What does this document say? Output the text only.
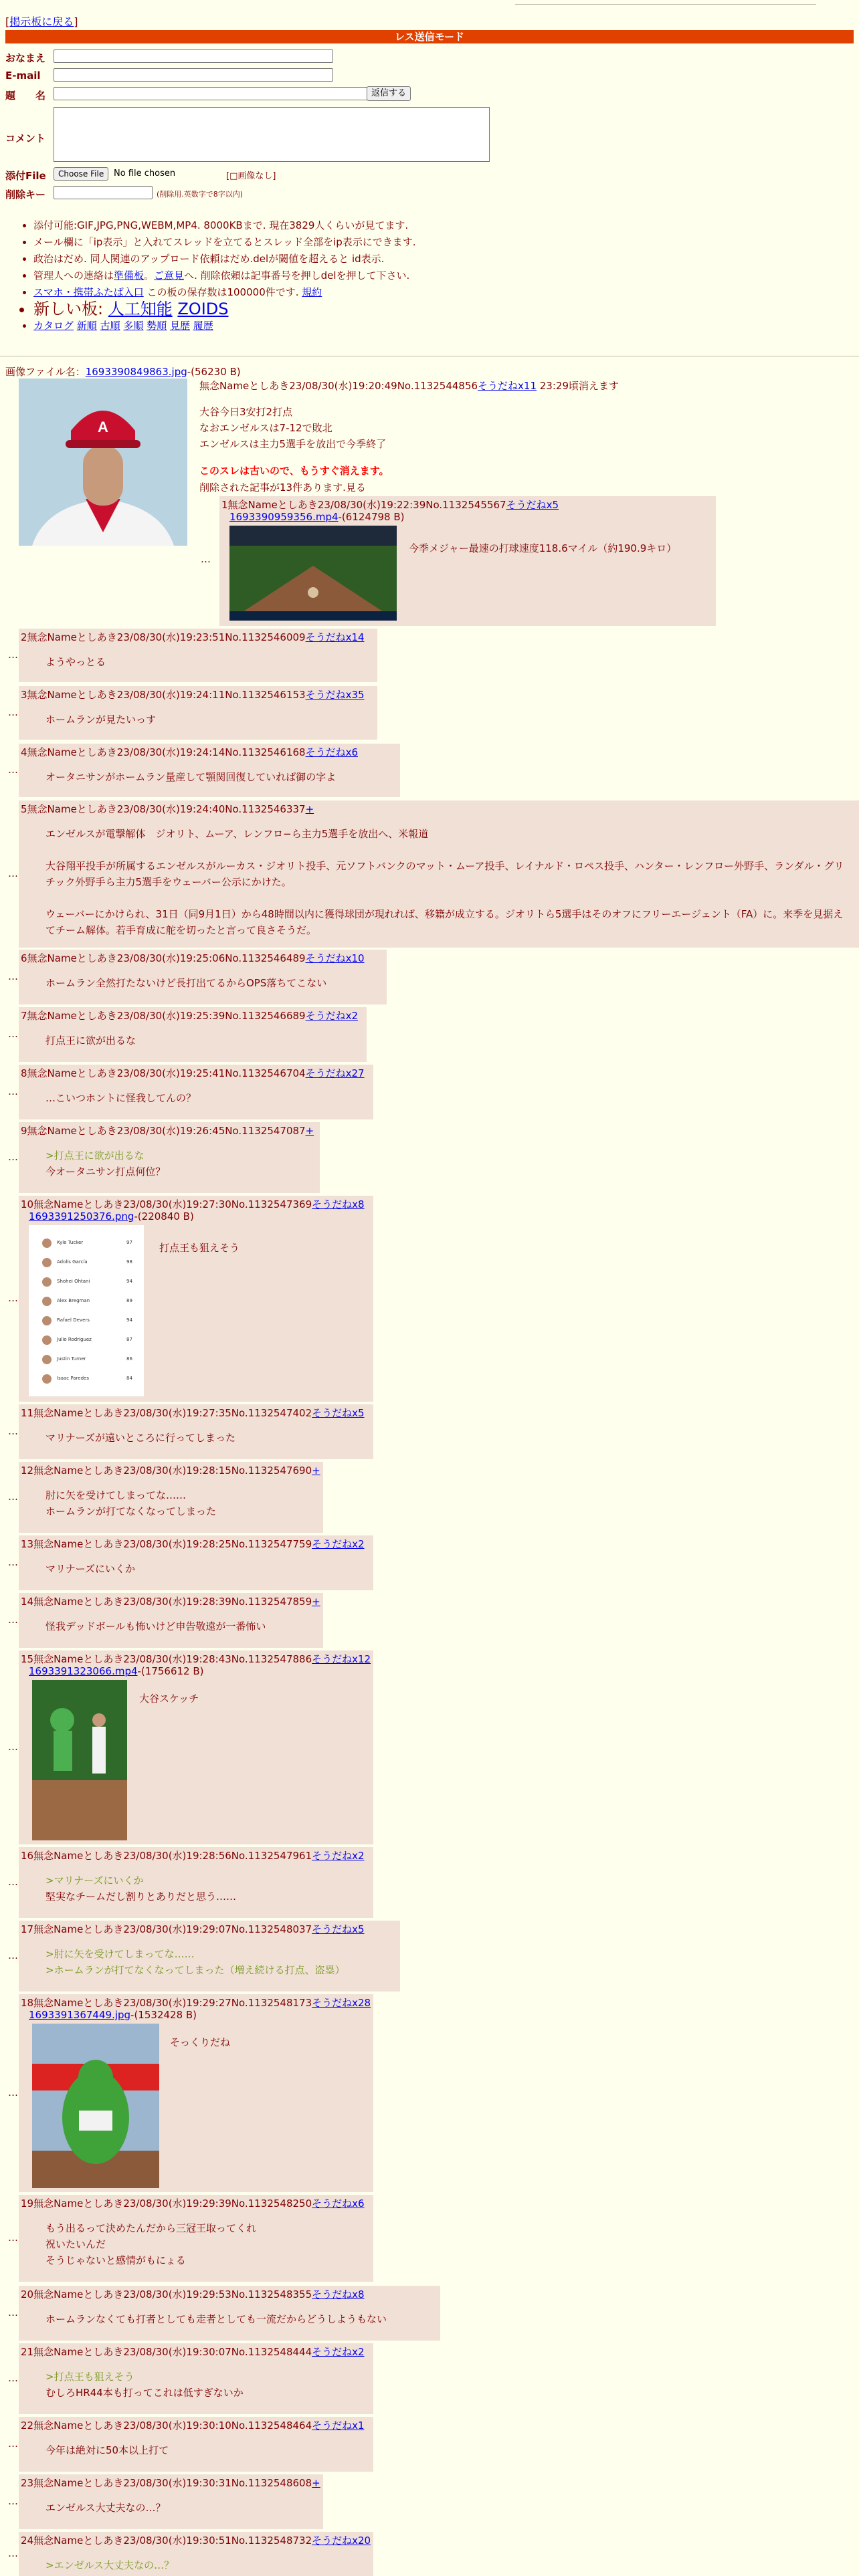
[掲示板に戻る]
レス送信モード
おなまえ
E-mail
題　　名	返信する
コメント
添付File	Choose File	No file chosen	[□画像なし]
削除キー	(削除用.英数字で8字以内)
• 添付可能:GIF,JPG,PNG,WEBM,MP4. 8000KBまで. 現在3829人くらいが見てます.
• メール欄に「ip表示」と入れてスレッドを立てるとスレッド全部をip表示にできます.
• 政治はだめ. 同人関連のアップロード依頼はだめ.delが閾値を超えると id表示.
• 管理人への連絡は準備板。ご意見へ. 削除依頼は記事番号を押しdelを押して下さい.
• スマホ・携帯ふたば入口 この板の保存数は100000件です. 規約
• 新しい板: 人工知能 ZOIDS
• カタログ 新順 古順 多順 勢順 見歴 履歴
画像ファイル名：1693390849863.jpg-(56230 B)
A
無念Nameとしあき23/08/30(水)19:20:49No.1132544856そうだねx11 23:29頃消えます
大谷今日3安打2打点
なおエンゼルスは7-12で敗北
エンゼルスは主力5選手を放出で今季終了
このスレは古いので、もうすぐ消えます。
削除された記事が13件あります.見る
…
1無念Nameとしあき23/08/30(水)19:22:39No.1132545567そうだねx5
1693390959356.mp4-(6124798 B)
今季メジャー最速の打球速度118.6マイル（約190.9キロ）
…
2無念Nameとしあき23/08/30(水)19:23:51No.1132546009そうだねx14
ようやっとる
…
3無念Nameとしあき23/08/30(水)19:24:11No.1132546153そうだねx35
ホームランが見たいっす
…
4無念Nameとしあき23/08/30(水)19:24:14No.1132546168そうだねx6
オータニサンがホームラン量産して顎関回復していれば御の字よ
…
5無念Nameとしあき23/08/30(水)19:24:40No.1132546337+
エンゼルスが電撃解体　ジオリト、ムーア、レンフロ−ら主力5選手を放出へ、米報道

大谷翔平投手が所属するエンゼルスがルーカス・ジオリト投手、元ソフトバンクのマット・ムーア投手、レイナルド・ロペス投手、ハンター・レンフロー外野手、ランダル・グリチック外野手ら主力5選手をウェーバー公示にかけた。

ウェーバーにかけられ、31日（同9月1日）から48時間以内に獲得球団が現れれば、移籍が成立する。ジオリトら5選手はそのオフにフリーエージェント（FA）に。来季を見据えてチーム解体。若手育成に舵を切ったと言って良さそうだ。
…
6無念Nameとしあき23/08/30(水)19:25:06No.1132546489そうだねx10
ホームラン全然打たないけど長打出てるからOPS落ちてこない
…
7無念Nameとしあき23/08/30(水)19:25:39No.1132546689そうだねx2
打点王に欲が出るな
…
8無念Nameとしあき23/08/30(水)19:25:41No.1132546704そうだねx27
…こいつホントに怪我してんの？
…
9無念Nameとしあき23/08/30(水)19:26:45No.1132547087+
>打点王に欲が出るな
今オータニサン打点何位？
…
10無念Nameとしあき23/08/30(水)19:27:30No.1132547369そうだねx8
1693391250376.png-(220840 B)
Kyle Tucker	97
Adolis García	98
Shohei Ohtani	94
Alex Bregman	89
Rafael Devers	94
Julio Rodríguez	87
Justin Turner	86
Isaac Paredes	84
打点王も狙えそう
…
11無念Nameとしあき23/08/30(水)19:27:35No.1132547402そうだねx5
マリナーズが遠いところに行ってしまった
…
12無念Nameとしあき23/08/30(水)19:28:15No.1132547690+
肘に矢を受けてしまってな……
ホームランが打てなくなってしまった
…
13無念Nameとしあき23/08/30(水)19:28:25No.1132547759そうだねx2
マリナーズにいくか
…
14無念Nameとしあき23/08/30(水)19:28:39No.1132547859+
怪我デッドボールも怖いけど申告敬遠が一番怖い
…
15無念Nameとしあき23/08/30(水)19:28:43No.1132547886そうだねx12
1693391323066.mp4-(1756612 B)
大谷スケッチ
…
16無念Nameとしあき23/08/30(水)19:28:56No.1132547961そうだねx2
>マリナーズにいくか
堅実なチームだし割りとありだと思う……
…
17無念Nameとしあき23/08/30(水)19:29:07No.1132548037そうだねx5
>肘に矢を受けてしまってな……
>ホームランが打てなくなってしまった（増え続ける打点、盗塁）
…
18無念Nameとしあき23/08/30(水)19:29:27No.1132548173そうだねx28
1693391367449.jpg-(1532428 B)
そっくりだね
…
19無念Nameとしあき23/08/30(水)19:29:39No.1132548250そうだねx6
もう出るって決めたんだから三冠王取ってくれ
祝いたいんだ
そうじゃないと感情がもにょる
…
20無念Nameとしあき23/08/30(水)19:29:53No.1132548355そうだねx8
ホームランなくても打者としても走者としても一流だからどうしようもない
…
21無念Nameとしあき23/08/30(水)19:30:07No.1132548444そうだねx2
>打点王も狙えそう
むしろHR44本も打ってこれは低すぎないか
…
22無念Nameとしあき23/08/30(水)19:30:10No.1132548464そうだねx1
今年は絶対に50本以上打て
…
23無念Nameとしあき23/08/30(水)19:30:31No.1132548608+
エンゼルス大丈夫なの…？
…
24無念Nameとしあき23/08/30(水)19:30:51No.1132548732そうだねx20
>エンゼルス大丈夫なの…？
